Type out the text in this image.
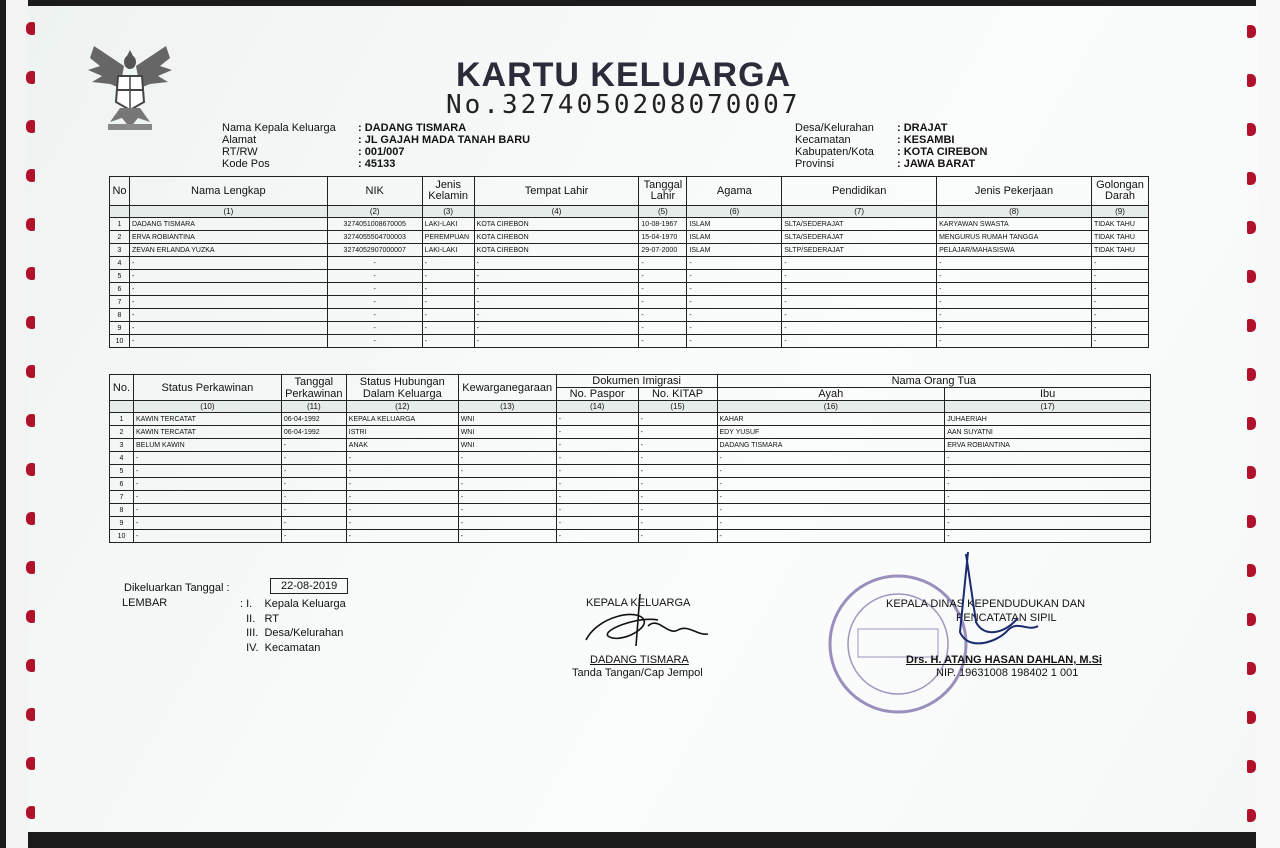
KARTU KELUARGA
No.3274050208070007
Nama Kepala Keluarga	: DADANG TISMARA
Alamat	: JL GAJAH MADA TANAH BARU
RT/RW	: 001/007
Kode Pos	: 45133
Desa/Kelurahan	: DRAJAT
Kecamatan	: KESAMBI
Kabupaten/Kota	: KOTA CIREBON
Provinsi	: JAWA BARAT
No	Nama Lengkap	NIK	Jenis Kelamin	Tempat Lahir	Tanggal Lahir	Agama	Pendidikan	Jenis Pekerjaan	Golongan Darah
	(1)	(2)	(3)	(4)	(5)	(6)	(7)	(8)	(9)
1	DADANG TISMARA	3274051008670005	LAKI-LAKI	KOTA CIREBON	10-08-1967	ISLAM	SLTA/SEDERAJAT	KARYAWAN SWASTA	TIDAK TAHU
2	ERVA ROBIANTINA	3274055504700003	PEREMPUAN	KOTA CIREBON	15-04-1970	ISLAM	SLTA/SEDERAJAT	MENGURUS RUMAH TANGGA	TIDAK TAHU
3	ZEVAN ERLANDA YUZKA	3274052907000007	LAKI-LAKI	KOTA CIREBON	29-07-2000	ISLAM	SLTP/SEDERAJAT	PELAJAR/MAHASISWA	TIDAK TAHU
4	-	-	-	-	-	-	-	-	-
5	-	-	-	-	-	-	-	-	-
6	-	-	-	-	-	-	-	-	-
7	-	-	-	-	-	-	-	-	-
8	-	-	-	-	-	-	-	-	-
9	-	-	-	-	-	-	-	-	-
10	-	-	-	-	-	-	-	-	-
No.	Status Perkawinan	Tanggal Perkawinan	Status Hubungan Dalam Keluarga	Kewarganegaraan	Dokumen Imigrasi		Nama Orang Tua	
					No. Paspor	No. KITAP	Ayah	Ibu
	(10)	(11)	(12)	(13)	(14)	(15)	(16)	(17)
1	KAWIN TERCATAT	06-04-1992	KEPALA KELUARGA	WNI	-	-	KAHAR	JUHAERIAH
2	KAWIN TERCATAT	06-04-1992	ISTRI	WNI	-	-	EDY YUSUF	AAN SUYATNI
3	BELUM KAWIN	-	ANAK	WNI	-	-	DADANG TISMARA	ERVA ROBIANTINA
4	-	-	-	-	-	-	-	-
5	-	-	-	-	-	-	-	-
6	-	-	-	-	-	-	-	-
7	-	-	-	-	-	-	-	-
8	-	-	-	-	-	-	-	-
9	-	-	-	-	-	-	-	-
10	-	-	-	-	-	-	-	-
Dikeluarkan Tanggal :	22-08-2019
LEMBAR	: I.    Kepala Keluarga
II.   RT
III.  Desa/Kelurahan
IV.  Kecamatan
KEPALA KELUARGA
DADANG TISMARA
Tanda Tangan/Cap Jempol
KEPALA DINAS KEPENDUDUKAN DAN
PENCATATAN SIPIL
Drs. H. ATANG HASAN DAHLAN, M.Si
NIP. 19631008 198402 1 001
